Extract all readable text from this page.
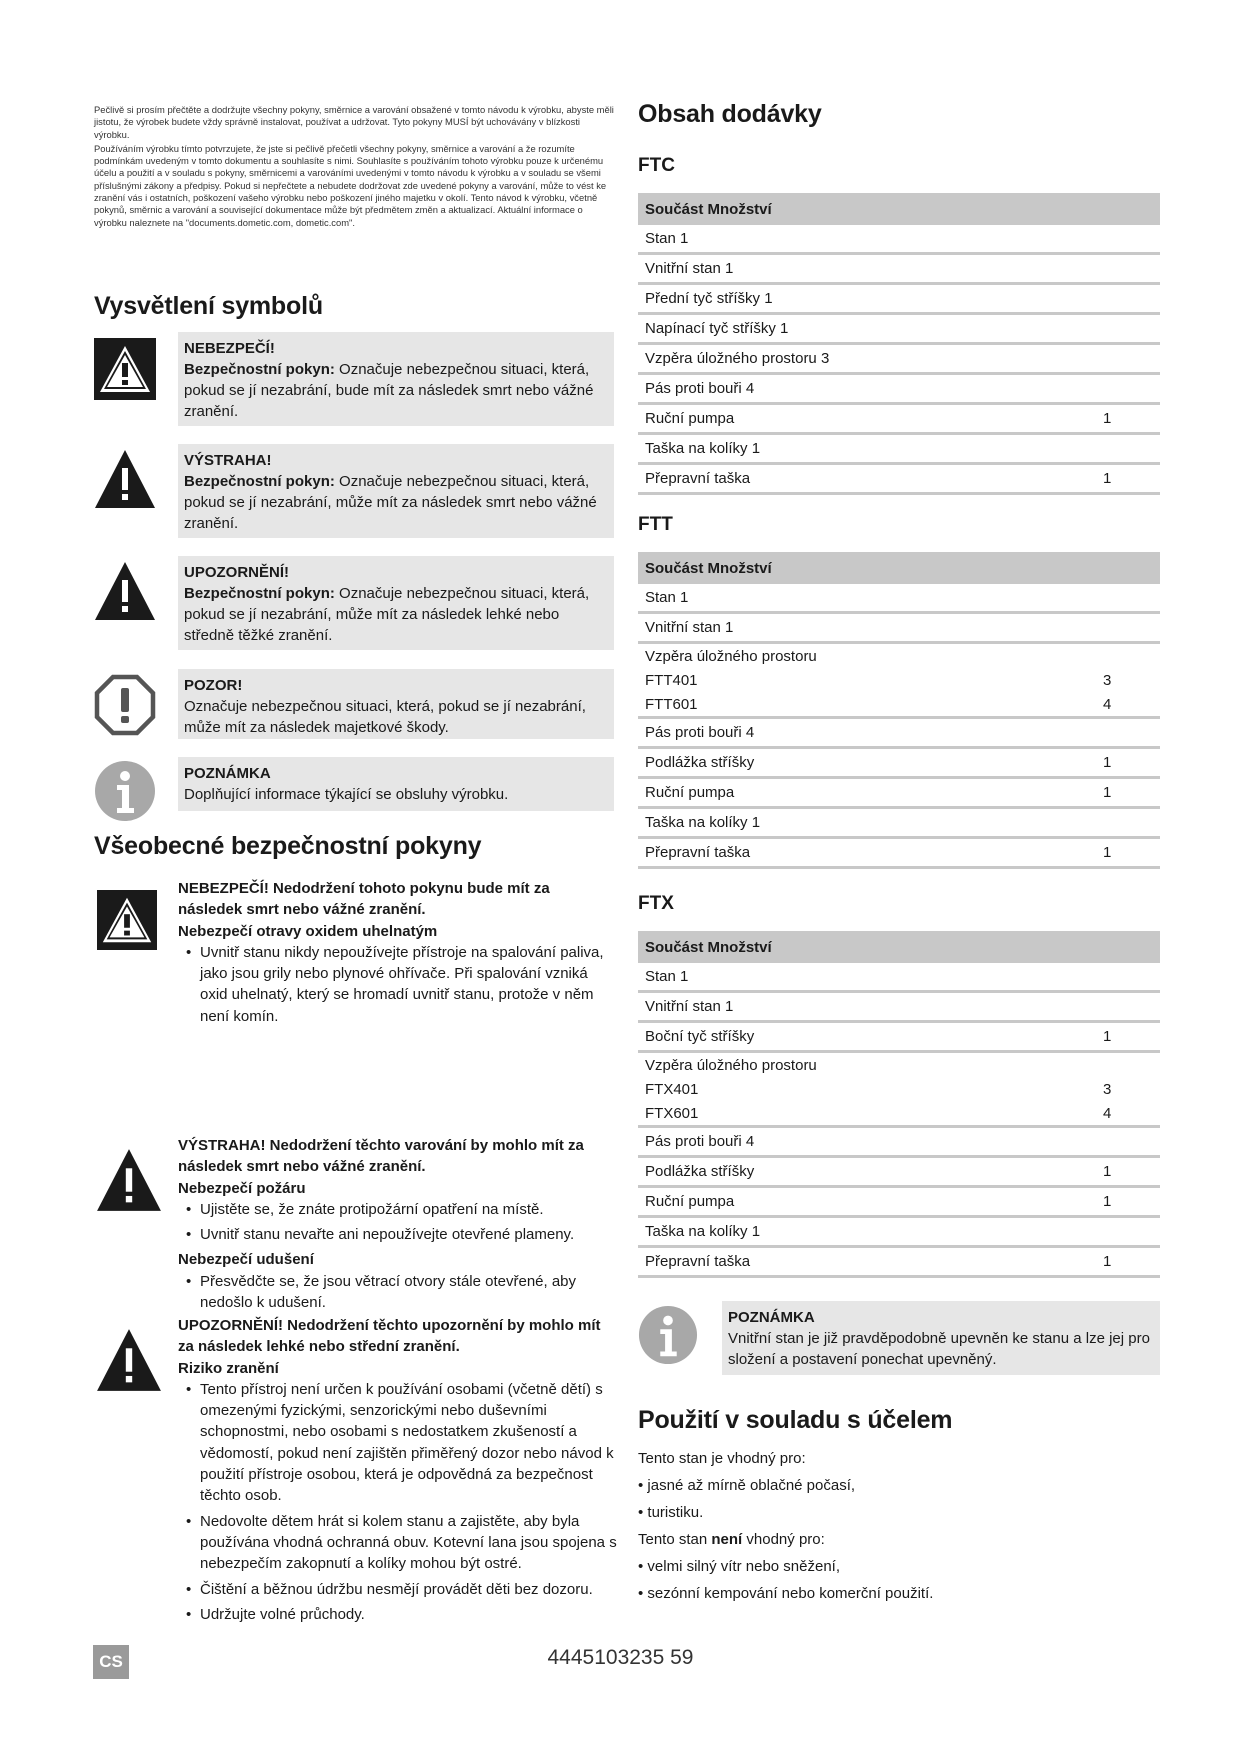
Pečlivě si prosím přečtěte a dodržujte všechny pokyny, směrnice a varování obsažené v tomto návodu k výrobku, abyste měli jistotu, že výrobek budete vždy správně instalovat, používat a udržovat. Tyto pokyny MUSÍ být uchovávány v blízkosti výrobku.

Používáním výrobku tímto potvrzujete, že jste si pečlivě přečetli všechny pokyny, směrnice a varování a že rozumíte podmínkám uvedeným v tomto dokumentu a souhlasíte s nimi. Souhlasíte s používáním tohoto výrobku pouze k určenému účelu a použití a v souladu s pokyny, směrnicemi a varováními uvedenými v tomto návodu k výrobku a v souladu se všemi příslušnými zákony a předpisy. Pokud si nepřečtete a nebudete dodržovat zde uvedené pokyny a varování, může to vést ke zranění vás i ostatních, poškození vašeho výrobku nebo poškození jiného majetku v okolí. Tento návod k výrobku, včetně pokynů, směrnic a varování a související dokumentace může být předmětem změn a aktualizací. Aktuální informace o výrobku naleznete na "documents.dometic.com, dometic.com".

Vysvětlení symbolů
NEBEZPEČÍ!
Bezpečnostní pokyn: Označuje nebezpečnou situaci, která, pokud se jí nezabrání, bude mít za následek smrt nebo vážné zranění.
VÝSTRAHA!
Bezpečnostní pokyn: Označuje nebezpečnou situaci, která, pokud se jí nezabrání, může mít za následek smrt nebo vážné zranění.
UPOZORNĚNÍ!
Bezpečnostní pokyn: Označuje nebezpečnou situaci, která, pokud se jí nezabrání, může mít za následek lehké nebo středně těžké zranění.
POZOR!
Označuje nebezpečnou situaci, která, pokud se jí nezabrání, může mít za následek majetkové škody.
POZNÁMKA
Doplňující informace týkající se obsluhy výrobku.
Všeobecné bezpečnostní pokyny

NEBEZPEČÍ! Nedodržení tohoto pokynu bude mít za následek smrt nebo vážné zranění.

Nebezpečí otravy oxidem uhelnatým

• Uvnitř stanu nikdy nepoužívejte přístroje na spalování paliva, jako jsou grily nebo plynové ohřívače. Při spalování vzniká oxid uhelnatý, který se hromadí uvnitř stanu, protože v něm není komín.

VÝSTRAHA! Nedodržení těchto varování by mohlo mít za následek smrt nebo vážné zranění.

Nebezpečí požáru

• Ujistěte se, že znáte protipožární opatření na místě.
• Uvnitř stanu nevařte ani nepoužívejte otevřené plameny.

Nebezpečí udušení

• Přesvědčte se, že jsou větrací otvory stále otevřené, aby nedošlo k udušení.

UPOZORNĚNÍ! Nedodržení těchto upozornění by mohlo mít za následek lehké nebo střední zranění.

Riziko zranění

• Tento přístroj není určen k používání osobami (včetně dětí) s omezenými fyzickými, senzorickými nebo duševními schopnostmi, nebo osobami s nedostatkem zkušeností a vědomostí, pokud není zajištěn přiměřený dozor nebo návod k použití přístroje osobou, která je odpovědná za bezpečnost těchto osob.
• Nedovolte dětem hrát si kolem stanu a zajistěte, aby byla používána vhodná ochranná obuv. Kotevní lana jsou spojena s nebezpečím zakopnutí a kolíky mohou být ostré.
• Čištění a běžnou údržbu nesmějí provádět děti bez dozoru.
• Udržujte volné průchody.
Obsah dodávky
FTC
Součást Množství	
Stan 1	
Vnitřní stan 1	
Přední tyč stříšky 1	
Napínací tyč stříšky 1	
Vzpěra úložného prostoru 3	
Pás proti bouři 4	
Ruční pumpa	1
Taška na kolíky 1	
Přepravní taška	1
FTT
Součást Množství	
Stan 1	
Vnitřní stan 1	
Vzpěra úložného prostoru	
FTT401	3
FTT601	4
Pás proti bouři 4	
Podlážka stříšky	1
Ruční pumpa	1
Taška na kolíky 1	
Přepravní taška	1
FTX
Součást Množství	
Stan 1	
Vnitřní stan 1	
Boční tyč stříšky	1
Vzpěra úložného prostoru	
FTX401	3
FTX601	4
Pás proti bouři 4	
Podlážka stříšky	1
Ruční pumpa	1
Taška na kolíky 1	
Přepravní taška	1
POZNÁMKA
Vnitřní stan je již pravděpodobně upevněn ke stanu a lze jej pro složení a postavení ponechat upevněný.
Použití v souladu s účelem

Tento stan je vhodný pro:

• jasné až mírně oblačné počasí,
• turistiku.

Tento stan není vhodný pro:

• velmi silný vítr nebo sněžení,
• sezónní kempování nebo komerční použití.
CS	4445103235 59
